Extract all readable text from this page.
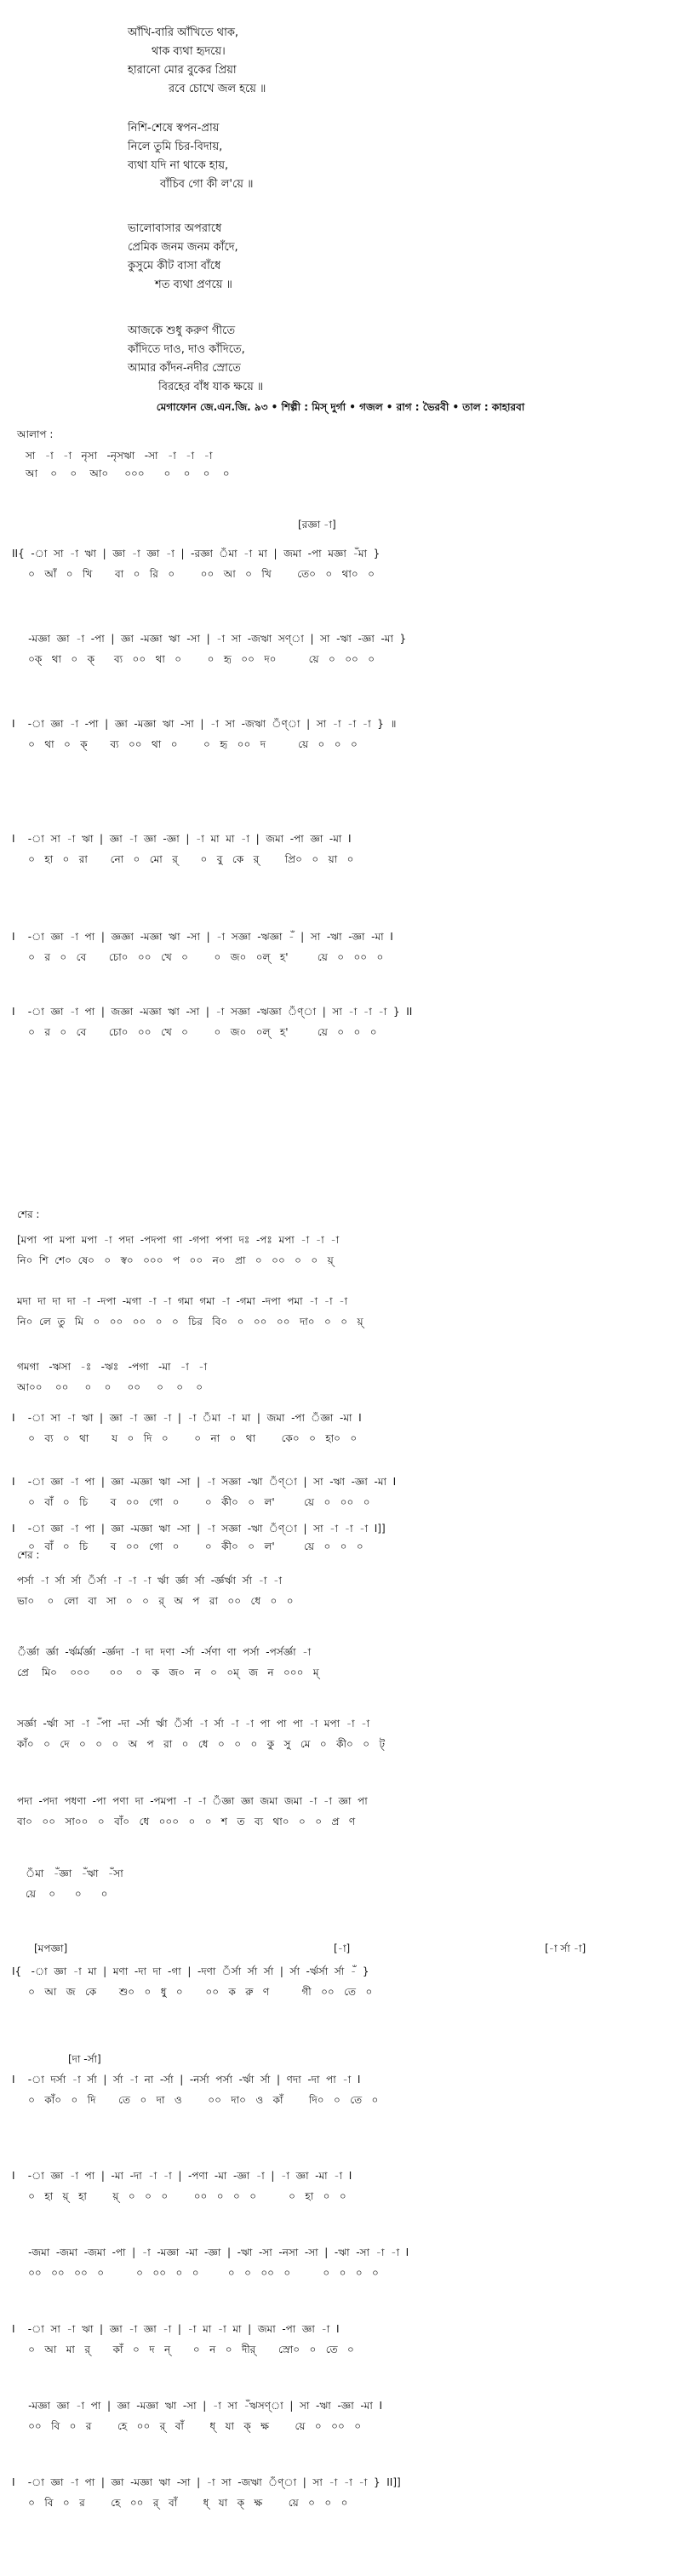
আঁখি-বারি আঁখিতে থাক,
থাক ব্যথা হৃদয়ে।
হারানো মোর বুকের প্রিয়া
রবে চোখে জল হয়ে ॥
নিশি-শেষে স্বপন-প্রায়
নিলে তুমি চির-বিদায়,
ব্যথা যদি না থাকে হায়,
বাঁচিব গো কী ল'য়ে ॥
ভালোবাসার অপরাধে
প্রেমিক জনম জনম কাঁদে,
কুসুমে কীট বাসা বাঁধে
শত ব্যথা প্রণয়ে ॥
আজকে শুধু করুণ গীতে
কাঁদিতে দাও, দাও কাঁদিতে,
আমার কাঁদন-নদীর স্রোতে
বিরহের বাঁধ যাক ক্ষয়ে ॥
মেগাফোন জে.এন.জি. ৯৩ • শিল্পী : মিস্ দুর্গা • গজল • রাগ : ভৈরবী • তাল : কাহারবা
আলাপ :
শের :
শের :
[রজ্ঞা -া]
[মপজ্ঞা]	[-া]	[-া র্সা -া]
[দা -র্সা]
সা   -া   -া   নৃসা   -নৃসঋা   -সা   -া   -া   -া
আ    ০    ০    আ০     ০০০      ০    ০    ০    ০
II{  -া  সা  -া  ঋা  |  জ্ঞা  -া  জ্ঞা  -া  |  -রজ্ঞা  ঁমা  -া  মা  |  জমা  -পা  মজ্ঞা  -ঁমা  }
০   আঁ   ০   খি       বা   ০   রি   ০        ০০   আ   ০   খি        তে০   ০   থা০   ০
-মজ্ঞা  জ্ঞা  -া  -পা  |  জ্ঞা  -মজ্ঞা  ঋা  -সা  |  -া  সা  -জঋা  সণ্‌া  |  সা  -ঋা  -জ্ঞা  -মা  }
০ক্‌   থা   ০   ক্‌      ব্য   ০০   থা   ০        ০   হৃ   ০০   দ০          য়ে   ০   ০০   ০
I    -া  জ্ঞা  -া  -পা  |  জ্ঞা  -মজ্ঞা  ঋা  -সা  |  -া  সা  -জঋা  ঁণ্‌া  |  সা  -া  -া  -া  }  ॥
০   থা   ০   ক্‌       ব্য   ০০   থা   ০        ০   হৃ   ০০   দ          য়ে   ০   ০   ০
I    -া  সা  -া  ঋা  |  জ্ঞা  -া  জ্ঞা  -জ্ঞা  |  -া  মা  মা  -া  |  জমা  -পা  জ্ঞা  -মা  I
০   হা   ০   রা       নো   ০   মো   র্‌       ০   বু   কে   র্‌        প্রি০   ০   য়া   ০
I    -া  জ্ঞা  -া  পা  |  জ্ঞজ্ঞা  -মজ্ঞা  ঋা  -সা  |  -া  সজ্ঞা  -ঋজ্ঞা  -ঁ  |  সা  -ঋা  -জ্ঞা  -মা  I
০   র   ০   বে       চো০   ০০   খে   ০        ০   জ০   ০ল্‌   হ'         য়ে   ০   ০০   ০
I    -া  জ্ঞা  -া  পা  |  জজ্ঞা  -মজ্ঞা  ঋা  -সা  |  -া  সজ্ঞা  -ঋজ্ঞা  ঁণ্‌া  |  সা  -া  -া  -া  }  II
০   র   ০   বে       চো০   ০০   খে   ০        ০   জ০   ০ল্‌   হ'         য়ে   ০   ০   ০
[মপা  পা  মপা  মপা  -া  পদা  -পদপা  গা  -গপা  পপা  দঃ  -পঃ  মপা  -া  -া  -া
নি০  শি  শে০  ষে০   ০   স্ব০   ০০০   প   ০০   ন০   প্রা   ০   ০০   ০   ০   য়্‌
মদা  দা  দা  দা  -া  -দপা  -মগা  -া  -া  গমা  গমা  -া  -গমা  -দপা  পমা  -া  -া  -া
নি০  লে  তু   মি   ০   ০০   ০০   ০   ০   চির   বি০   ০   ০০   ০০   দা০   ০   ০   য়্‌
গমগা   -ঋসা   -ঃ   -ঋঃ   -পগা   -মা   -া   -া
আ০০    ০০     ০    ০     ০০     ০    ০    ০
I    -া  সা  -া  ঋা  |  জ্ঞা  -া  জ্ঞা  -া  |  -া  ঁমা  -া  মা  |  জমা  -পা  ঁজ্ঞা  -মা  I
০   ব্য   ০   থা       য   ০   দি   ০        ০   না   ০   থা        কে০   ০   হা০   ০
I    -া  জ্ঞা  -া  পা  |  জ্ঞা  -মজ্ঞা  ঋা  -সা  |  -া  সজ্ঞা  -ঋা  ঁণ্‌া  |  সা  -ঋা  -জ্ঞা  -মা  I
০   বাঁ   ০   চি       ব   ০০   গো   ০        ০   কী০   ০   ল'         য়ে   ০   ০০   ০
I    -া  জ্ঞা  -া  পা  |  জ্ঞা  -মজ্ঞা  ঋা  -সা  |  -া  সজ্ঞা  -ঋা  ঁণ্‌া  |  সা  -া  -া  -া  I]]
০   বাঁ   ০   চি       ব   ০০   গো   ০        ০   কী০   ০   ল'         য়ে   ০   ০   ০
পর্সা  -া  র্সা  র্সা  ঁর্সা  -া  -া  -া  র্ঋা  র্জ্ঞা  র্সা  -র্জ্ঞর্ঋা  র্সা  -া  -া
ভা০    ০   লো   বা   সা   ০   ০   র্‌   অ   প   রা   ০০   ধে   ০   ০
ঁর্জ্ঞা  র্জ্ঞা  -র্ঋর্মর্জ্ঞা  -র্জ্ঞদা  -া  দা  দণা  -র্সা  -র্সণা  ণা  পর্সা  -পর্সর্জ্ঞা  -া
প্রে    মি০    ০০০      ০০    ০   ক   জ০   ন   ০   ০ম্‌   জ   ন   ০০০   ম্‌
সর্জ্ঞা  -র্ঋা  সা  -া  -ঁপা  -দা  -র্সা  র্ঋা  ঁর্সা  -া  র্সা  -া  -া  পা  পা  পা  -া  মপা  -া  -া
কাঁ০   ০   দে   ০   ০   ০   অ   প   রা   ০   ধে   ০   ০   ০   কু   সু   মে   ০   কী০   ০   ট্‌
পদা  -পদা  পধণা  -পা  পণা  দা  -পমপা  -া  -া  ঁজ্ঞা  জ্ঞা  জমা  জমা  -া  -া  জ্ঞা  পা
বা০   ০০   সা০০   ০   বাঁ০   ধে   ০০০   ০   ০   শ   ত   ব্য   থা০   ০   ০   প্র   ণ
ঁমা   -ঁজ্ঞা   -ঁঋা   -ঁসা
য়ে    ০      ০      ০
I{   -া  জ্ঞা  -া  মা  |  মণা  -দা  দা  -গা  |  -দণা  ঁর্সা  র্সা  র্সা  |  র্সা  -র্ঋর্সা  র্সা  -ঁ  }
০   আ   জ   কে       শু০   ০   ধু   ০       ০০   ক   রু   ণ          গী   ০০   তে   ০
I    -া  দর্সা  -া  র্সা  |  র্সা  -া  না  -র্সা  |  -নর্সা  পর্সা  -র্ঋা  র্সা  |  ণদা  -দা  পা  -া  I
০   কাঁ০   ০   দি       তে   ০   দা   ও        ০০   দা০   ও   কাঁ        দি০   ০   তে   ০
I    -া  জ্ঞা  -া  পা  |  -মা  -দা  -া  -া  |  -পণা  -মা  -জ্ঞা  -া  |  -া  জ্ঞা  -মা  -া  I
০   হা   য়্‌   হা        য়্‌   ০   ০   ০        ০০   ০   ০   ০          ০   হা   ০   ০
-জমা  -জমা  -জমা  -পা  |  -া  -মজ্ঞা  -মা  -জ্ঞা  |  -ঋা  -সা  -নসা  -সা  |  -ঋা  -সা  -া  -া  I
০০   ০০   ০০   ০          ০   ০০   ০   ০         ০   ০   ০০   ০          ০   ০   ০   ০
I    -া  সা  -া  ঋা  |  জ্ঞা  -া  জ্ঞা  -া  |  -া  মা  -া  মা  |  জমা  -পা  জ্ঞা  -া  I
০   আ   মা   র্‌       কাঁ   ০   দ   ন্‌       ০   ন   ০   দীর্‌       স্রো০   ০   তে   ০
-মজ্ঞা  জ্ঞা  -া  পা  |  জ্ঞা  -মজ্ঞা  ঋা  -সা  |  -া  সা  -ঁঋসণ্‌া  |  সা  -ঋা  -জ্ঞা  -মা  I
০০   বি   ০   র        হে   ০০   র্‌   বাঁ        ধ্‌   যা   ক্‌   ক্ষ        য়ে   ০   ০০   ০
I    -া  জ্ঞা  -া  পা  |  জ্ঞা  -মজ্ঞা  ঋা  -সা  |  -া  সা  -জঋা  ঁণ্‌া  |  সা  -া  -া  -া  }  II]]
০   বি   ০   র        হে   ০০   র্‌   বাঁ        ধ্‌   যা   ক্‌   ক্ষ        য়ে   ০   ০   ০
